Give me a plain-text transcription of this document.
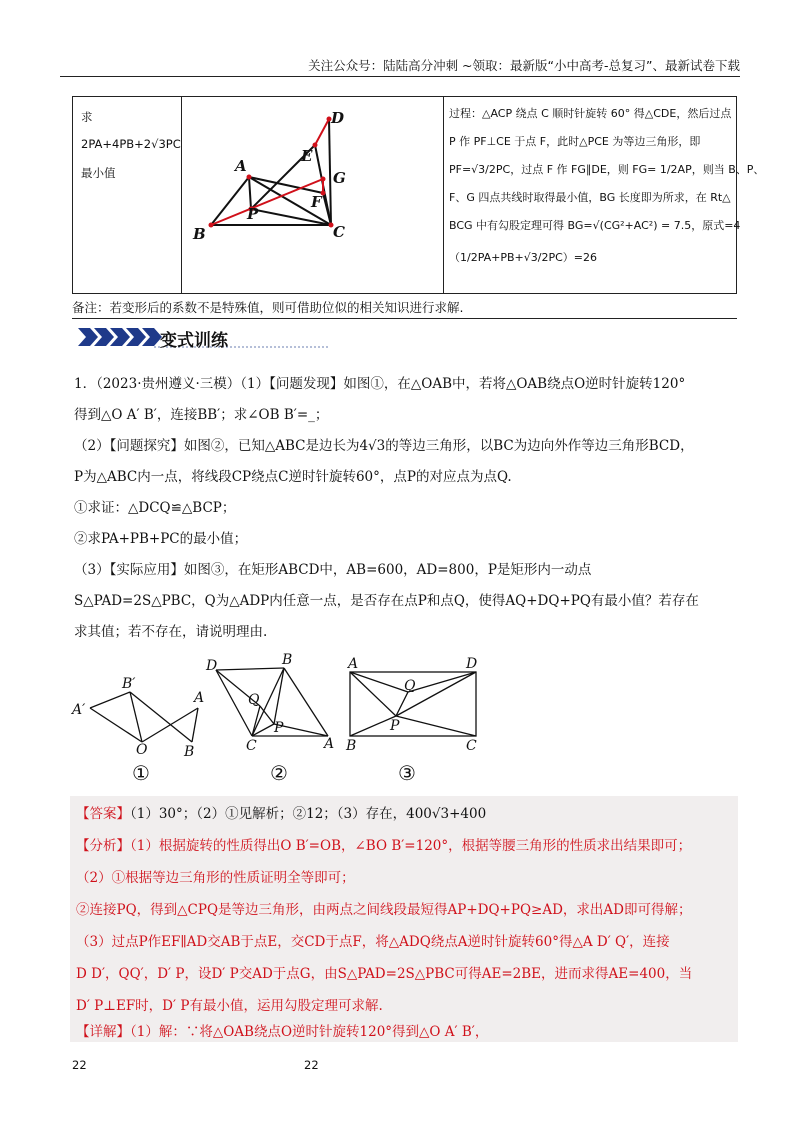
关注公众号：陆陆高分冲刺 ~领取：最新版“小中高考-总复习”、最新试卷下载
求
2PA+4PB+2√3PC
最小值
D
E
A
G
P
F
B	C
过程：△ACP 绕点 C 顺时针旋转 60° 得△CDE，然后过点
P 作 PF⊥CE 于点 F，此时△PCE 为等边三角形，即
PF=√3/2PC，过点 F 作 FG∥DE，则 FG= 1/2AP，则当 B、P、
F、G 四点共线时取得最小值，BG 长度即为所求，在 Rt△
BCG 中有勾股定理可得 BG=√(CG²+AC²) = 7.5，原式=4
（1/2PA+PB+√3/2PC）=26
备注：若变形后的系数不是特殊值，则可借助位似的相关知识进行求解.
变式训练
1．（2023·贵州遵义·三模）（1）【问题发现】如图①，在△OAB中，若将△OAB绕点O逆时针旋转120°
得到△O A′ B′，连接BB′；求∠OB B′=_；
（2）【问题探究】如图②，已知△ABC是边长为4√3的等边三角形，以BC为边向外作等边三角形BCD，
P为△ABC内一点，将线段CP绕点C逆时针旋转60°，点P的对应点为点Q.
①求证：△DCQ≌△BCP；
②求PA+PB+PC的最小值；
（3）【实际应用】如图③，在矩形ABCD中，AB=600，AD=800，P是矩形内一动点
S△PAD=2S△PBC，Q为△ADP内任意一点，是否存在点P和点Q，使得AQ+DQ+PQ有最小值？若存在
求其值；若不存在，请说明理由.
A′
B′
A
O	B
D	B
Q
P
C	A
A	D
Q
P
B	C
①	②	③
【答案】（1）30°；（2）①见解析；②12；（3）存在，400√3+400
【分析】（1）根据旋转的性质得出O B′=OB，∠BO B′=120°，根据等腰三角形的性质求出结果即可；
（2）①根据等边三角形的性质证明全等即可；
②连接PQ，得到△CPQ是等边三角形，由两点之间线段最短得AP+DQ+PQ≥AD，求出AD即可得解；
（3）过点P作EF∥AD交AB于点E，交CD于点F，将△ADQ绕点A逆时针旋转60°得△A D′ Q′，连接
D D′，QQ′，D′ P，设D′ P交AD于点G，由S△PAD=2S△PBC可得AE=2BE，进而求得AE=400，当
D′ P⊥EF时，D′ P有最小值，运用勾股定理可求解.
【详解】（1）解：∵将△OAB绕点O逆时针旋转120°得到△O A′ B′，
22	22
